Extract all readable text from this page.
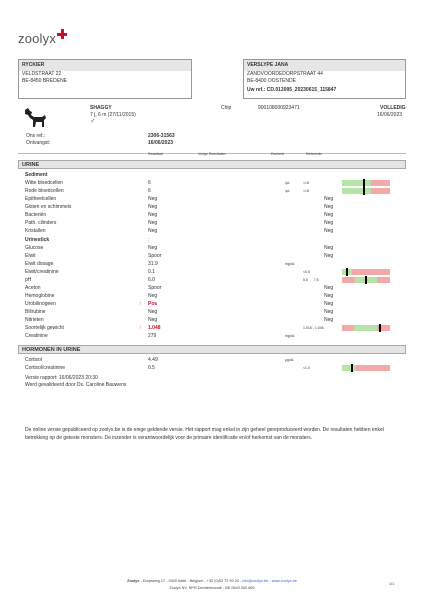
zoolyx
RYCKIER
VELDSTRAAT 22
BE-8450 BREDENE
VERSLYPE JANA
ZANDVOORDEDORPSTRAAT 44
BE-8400 OOSTENDE
Uw ref.: CD.013095_20230615_115847
SHAGGY
7 j, 6 m (27/11/2015)
♂
Chip	900108000923471	VOLLEDIG
16/06/2023
Ons ref.:	2306-31563
Ontvangst:	16/06/2023
Resultaat	Vorige Resultaten	Eenheid	Referentie
URINE
Sediment
Witte bloedcellen	6	/µL	<=8
Rode bloedcellen	6	/µL	<=8
Epitheelcellen	Neg	Neg
Gisten en schimmels	Neg	Neg
Bacteriën	Neg	Neg
Path. cilinders	Neg	Neg
Kristallen	Neg	Neg
Urinestick	:
Glucose	Neg	Neg
Eiwit	Spoor	Neg
Eiwit dosage	31.9	mg/dL
Eiwit/creatinine	0.1	<0.5
pH	6.0	5.5      7.5
Aceton	Spoor	Neg
Hemoglobine	Neg	Neg
Urobilinogeen	↑ Pos	Neg
Bilirubine	Neg	Neg
Nitrieten	Neg	Neg
Soortelijk gewicht	↑ 1.048	1.015 - 1.045
Creatinine	279	mg/dL
HORMONEN IN URINE
Cortisol	4.49	µg/dL
Cortisol/creatinine	0.5	<1.0
Versie rapport: 16/06/2023 20:30
Werd gevalideerd door Ds. Caroline Bauwens
De online versie gepubliceerd op zoolyx.be is de enige geldende versie. Het rapport mag enkel in zijn geheel gereproduceerd worden. De resultaten hebben enkel betrekking op de geteste monsters. De inzender is verantwoordelijk voor de primaire identificatie en/of herkomst van de monsters.
Zoolyx - Dorpsweg 17 - 9300 Aalst - Belgium - +32 (0)53 72 99 20 - info@zoolyx.be - www.zoolyx.be
Zoolyx NV, RPR Dendermonde - BE 0549.932.669
1/1
